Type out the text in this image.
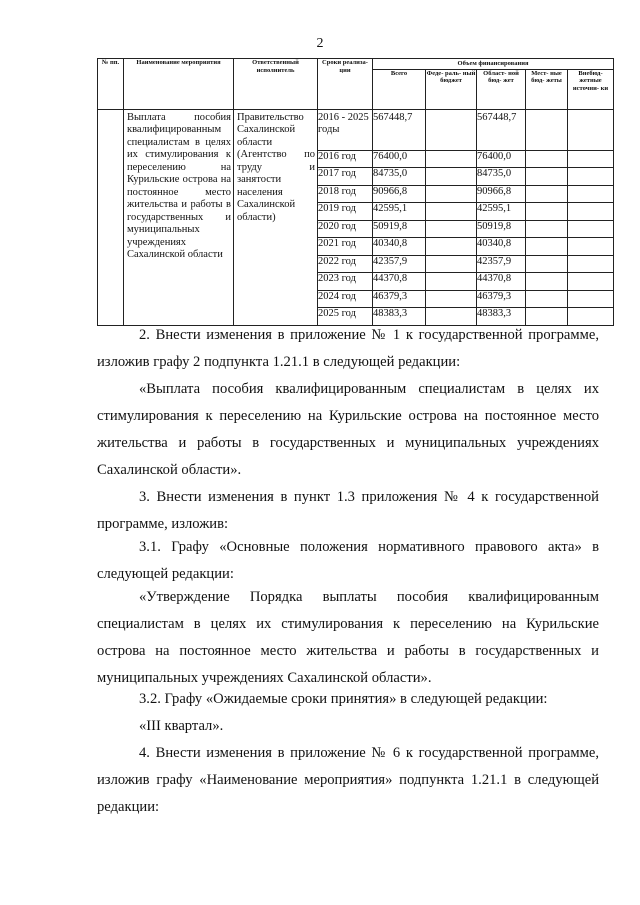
2
№ пп.	Наименование мероприятия	Ответственный исполнитель	Сроки реализа- ции	Объем финансирования				
				Всего	Феде- раль- ный бюджет	Област- ной бюд- жет	Мест- ные бюд- жеты	Внебюд- жетные источни- ки
	Выплата пособия квалифицированным специалистам в целях их стимулирования к переселению на Курильские острова на постоянное место жительства и работы в государственных и муниципальных учреждениях Сахалинской области	Правительство Сахалинской области (Агентство по труду и занятости населения Сахалинской области)	2016 - 2025 годы	567448,7		567448,7		
			2016 год	76400,0		76400,0		
			2017 год	84735,0		84735,0		
			2018 год	90966,8		90966,8		
			2019 год	42595,1		42595,1		
			2020 год	50919,8		50919,8		
			2021 год	40340,8		40340,8		
			2022 год	42357,9		42357,9		
			2023 год	44370,8		44370,8		
			2024 год	46379,3		46379,3		
			2025 год	48383,3		48383,3		

2. Внести изменения в приложение № 1 к государственной программе, изложив графу 2 подпункта 1.21.1 в следующей редакции:

«Выплата пособия квалифицированным специалистам в целях их стимулирования к переселению на Курильские острова на постоянное место жительства и работы в государственных и муниципальных учреждениях Сахалинской области».

3. Внести изменения в пункт 1.3 приложения № 4 к государственной программе, изложив:

3.1. Графу «Основные положения нормативного правового акта» в следующей редакции:

«Утверждение Порядка выплаты пособия квалифицированным специалистам в целях их стимулирования к переселению на Курильские острова на постоянное место жительства и работы в государственных и муниципальных учреждениях Сахалинской области».

3.2. Графу «Ожидаемые сроки принятия» в следующей редакции:

«III квартал».

4. Внести изменения в приложение № 6 к государственной программе, изложив графу «Наименование мероприятия» подпункта 1.21.1 в следующей редакции:
